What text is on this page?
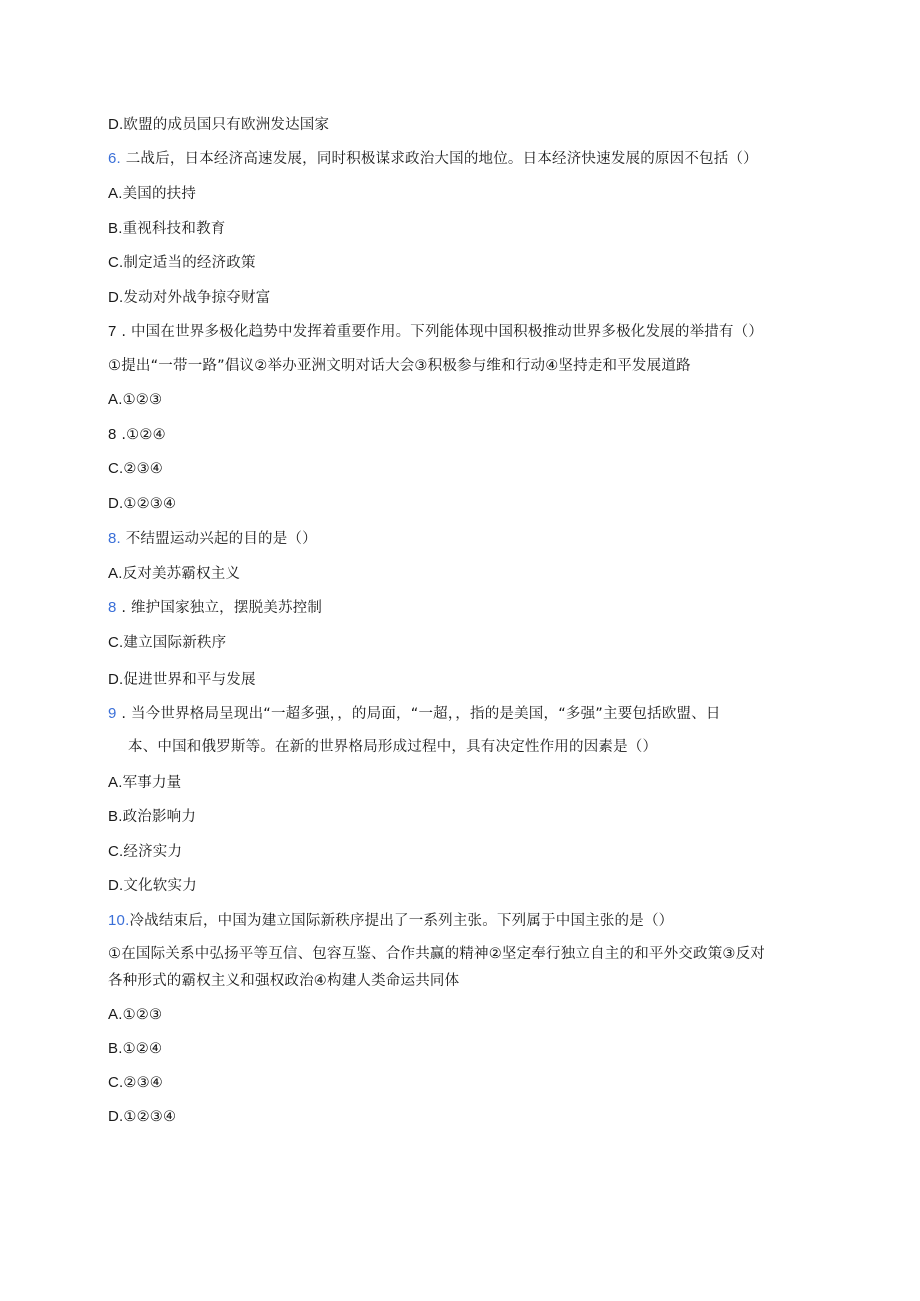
D.欧盟的成员国只有欧洲发达国家
6. 二战后，日本经济高速发展，同时积极谋求政治大国的地位。日本经济快速发展的原因不包括（）
A.美国的扶持
B.重视科技和教育
C.制定适当的经济政策
D.发动对外战争掠夺财富
7 . 中国在世界多极化趋势中发挥着重要作用。下列能体现中国积极推动世界多极化发展的举措有（）
①提出“一带一路”倡议②举办亚洲文明对话大会③积极参与维和行动④坚持走和平发展道路
A.①②③
8 .①②④
C.②③④
D.①②③④
8. 不结盟运动兴起的目的是（）
A.反对美苏霸权主义
8 . 维护国家独立，摆脱美苏控制
C.建立国际新秩序
D.促进世界和平与发展
9 . 当今世界格局呈现出“一超多强，，的局面，“一超，，指的是美国，“多强”主要包括欧盟、日
本、中国和俄罗斯等。在新的世界格局形成过程中，具有决定性作用的因素是（）
A.军事力量
B.政治影响力
C.经济实力
D.文化软实力
10.冷战结束后，中国为建立国际新秩序提出了一系列主张。下列属于中国主张的是（）
①在国际关系中弘扬平等互信、包容互鉴、合作共赢的精神②坚定奉行独立自主的和平外交政策③反对
各种形式的霸权主义和强权政治④构建人类命运共同体
A.①②③
B.①②④
C.②③④
D.①②③④
